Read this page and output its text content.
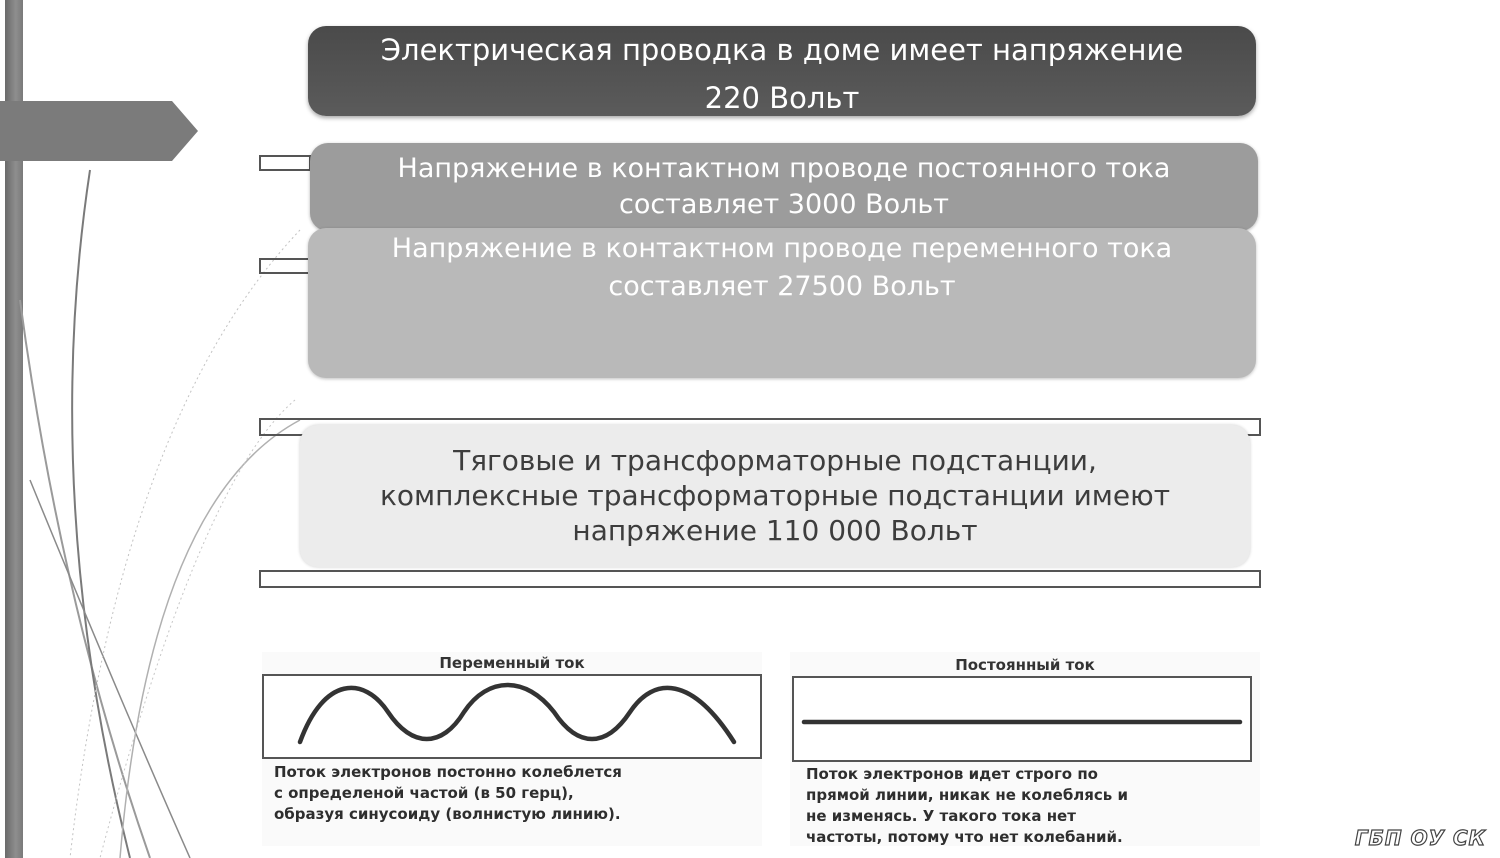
Электрическая проводка в доме имеет напряжение
220 Вольт
Напряжение в контактном проводе постоянного тока
составляет 3000 Вольт
Напряжение в контактном проводе переменного тока
составляет 27500 Вольт
Тяговые и трансформаторные подстанции,
комплексные трансформаторные подстанции имеют
напряжение 110 000 Вольт
Переменный ток
Поток электронов постонно колеблется
с определеной частой (в 50 герц),
образуя синусоиду (волнистую линию).
Постоянный ток
Поток электронов идет строго по
прямой линии, никак не колеблясь и
не изменясь. У такого тока нет
частоты, потому что нет колебаний.	ГБП ОУ СК
